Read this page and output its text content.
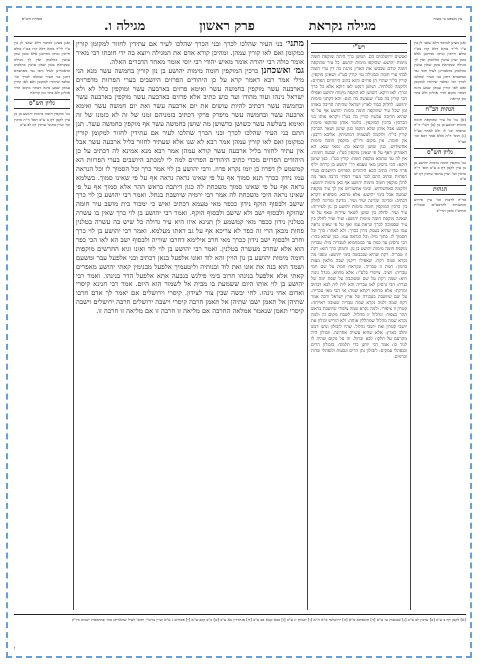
עין משפט נר מצוה
מגילה נקראת
פרק ראשון
מגילה ו.
מסורת הש"ס

ואנן מצינן למימר דלא שאני לן בין ט"ו לי"ד מהא דלא קרו בט"ו כולם חייבין ומיהו מדרבנן אלא בזמן שהן עושין כהלכתן ואין לך מגילה שנקראת בזמן שאין עושין כהלכתן כדאמרינן לעיל והכי נמי מסתברא דתנן בני העיר שהלכו לכרך וכו' ובלבד שיחזרו למקומן ואם לאו קורין עמהן שמע מינה דבתר מקום הדר אזלינן ולא בתר זמן קריאה

הגהות הב"ח

(א) גמ' כל עיר שהוקפה חומה מימות יהושע בן נון (ב) רש"י ד"ה ונחמיה וכו' לו ולא לאחר כצ"ל (ג) תוס' ד"ה אלא אמר רבא וכו' כצ"ל

גליון הש"ס

גמ' מוקפין חומה מימות יהושע בן נון עיין לקמן דף ב ע"ב תוס' ד"ה כרכין וכו' ועיין בתוס' ערכין דף לב ע"ב

הגהות

בד"ה לרבות וכו' עיין פירוש המשניות להרמב"ם ובשו"ת הרדב"ז סימן תרי"ב

רש"י

ואנשים ירושלמים הם. ושושן כרך היתה ומוקפת חומה מימות יהושע: שהוקפו מימות יהושע. כל עיר שהוקפה חומה קודם שכבשו את הארץ נוהגת בה דין ערי חומה לבתי ערי חומה ובמגילה נמי קורין בט"ו: ושאינן מוקפין. קורין בי"ד שהרי הן פרזים והוא כתוב היהודים הפרזים: ולוקמה למלתיה. ושושן דנקט לאו דוקא אלא כל כרך וכרך: לאו דוקא. דשושן לא הוקפה מימות יהושע ואפילו הכי קורין בה בט"ו שנעשה בה הנס: והא דקתני מימות יהושע. לחלוק כבוד לארץ ישראל שהיתה חריבה באותו זמן שכל עיר שהוקפה חומה בימות יהושע אף על פי שהיא חריבה עכשיו קורין בה בט"ו ויקראו אותו בני הכרכין: כרכין המוקפין. כלומר אותן שהוקפו מימות יהושע אבל אותן שלא הוקפו כגון שושן ושאר הכרכין קורין בי"ד: ולוקמה לטעמיה דמתניתין. אליבא דרבנן: אין חומה. אין מקום ודו"ק: מוקפין חומה מימות אחשורוש. כגון שושן וכיוצא בה: ומאי שנא. הא דאמרינן דאף על פי שאינן מוקפין בט"ו: שבעה חומות. אין לה עד שתהא מוקפת חומה: קורין בט"ו. כגון שושן דוקא: הכי גרסינן מאי טעמא דר' יהושע בן קרחה יליף פרזי פרזי: כתיב הכא היהודים הפרזים היושבים בערי הפרזות וכתיב התם לבד מערי הפרזי הרבה מאד מה להלן מוקפין חומה מימות יהושע אף כאן מימות יהושע: ולוקמה כאחשורוש. ובימי אחשורוש אין לך עיר מוקפת שמטה אבל בימי יהושע: אלא מהכא. מסיפרא דקרא דכתיב: ומדינה ומדינה ועיר ועיר. מדינה ומדינה לחלק בין כרכין המוקפין חומה מימות יהושע בן נון לעיירות: עיר ועיר. לחלק בין שושן לשאר עיירות שאף על פי שאינה מוקפת חומה מימות יהושע: ועיר ועיר לחלק בין עיר שסמוכה לכרך ונראה עמו ואף על פי שאינו נראה עמו כגון שהיא בעמק נידון ככרך. ולא לאחר: כרך וכל הסמוך לו. בתוך מיל: וכל הנראה עמו. כגון שהוא בהר: הכי גרסינן עד כמה עד כממחמיא לטבריה מיל: טבריה מוקפת חומה מימות יהושע בן נון. וחמתן כרך הוא: רקת זו טבריה. רקת שהיא שנכבשה בימי יהושע: ומפני מה נקרא שמה רקת. שאפילו ריקנין שבה מלאין מצות כרמון: חמת זו טבריה. ונקראת חמת על שם חמי טבריה: ויציב. צייפרי בלע"ז: אלא מחוזא. מגדל נינוה היא: שמה רקת על שם ששוכבת על שפת ימה של כנרת: הכי גרסינן לאו טבריה והא לית ליה לבא דכתיב ומרקת: אלא מחוזא רקתא שמה: אי הכי מאי טבריה. על שם שיושבת בטבורה של ארץ ישראל ורבה אמר רקת שמה ולמה נקרא שמה טבריה שטובה ראייתה: קטרון זו ציפורי. ולמה נקרא שמה ציפורי שיושבת בראש ההר כצפור: ונהלול זו מהלול. לשבח מקום זה ולמה נקרא שמה מהלול שמהללין אותה: ולא הוריש זבולון את יושבי קטרון ואת יושבי נהלול. שהיו לזבולון ונתנו דבש וחלב כארץ: אלא שהיא עשויה אחרונה. וזבולון היה מתרעם על חלקו: לבא ובחול. זה על מקום שהיה לו לגור בו: אמר רבי יוחנן כדי תלמוד: בזבולון הרים ובנפתלי עמקים: לזבולון נתן הרים וגבעות ולנפתלי שדות וכרמים.

מתני׳ בני העיר שהלכו לכרך ובני הכרך שהלכו לעיר אם עתידין לחזור למקומן קורין כמקומן ואם לאו קורין עמהן. ומהיכן קורא אדם את המגילה ויוצא בה ידי חובתו רבי מאיר אומר כולה רבי יהודה אומר מאיש יהודי רבי יוסי אומר מאחר הדברים האלה.

גמ׳ ואשכחנן כרכין המוקפין חומה מימות יהושע בן נון קורין בחמשה עשר מנא הני מילי אמר רבא דאמר קרא על כן היהודים הפרזים היושבים בערי הפרזות מדפרזים בארבעה עשר מוקפין בחמשה עשר ואימא פרזים בארבעה עשר ומוקפין כלל לא ולא ישראל נינהו ועוד מהודו ועד כוש כתיב אלא פרזים בארבעה עשר מוקפין בארבעה עשר ובחמשה עשר דכתיב להיות עושים את יום ארבעה עשר ואת יום חמשה עשר ואימא ארבעה עשר ובחמשה עשר מיפרק פרקי דכתיב בזמניהם זמנו של זה לא כזמנו של זה ואימא בשלשה עשר כשושן כדשושן מה שושן בחמשה עשר אף מוקפין בחמשה עשר. תנן התם בני העיר שהלכו לכרך ובני הכרך שהלכו לעיר אם עתידין לחזור למקומן קורין כמקומן ואם לאו קורין עמהן אמר רבא לא שנו אלא שעתיד לחזור בליל ארבעה עשר אבל אין עתיד לחזור בליל ארבעה עשר קורא עמהן אמר רבא מנא אמינא לה דכתיב על כן היהודים הפרזים מכדי כתיב היהודים הפרזים למה לי למכתב היושבים בערי הפרזות הא קמשמע לן דפרוז בן יומו נקרא פרוז. ורבי יהושע בן לוי אמר כרך וכל הסמוך לו וכל הנראה עמו נידון ככרך תנא סמוך אף על פי שאינו נראה נראה אף על פי שאינו סמוך. בשלמא נראה אף על פי שאינו סמוך משכחת לה כגון דיתבה בראש ההר אלא סמוך אף על פי שאינו נראה היכי משכחת לה אמר רבי ירמיה שיושבת בנחל. ואמר רבי יהושע בן לוי כרך שישב ולבסוף הוקף נידון ככפר מאי טעמא דכתיב ואיש כי ימכור בית מושב עיר חומה שהוקף ולבסוף ישב ולא שישב ולבסוף הוקף. ואמר רבי יהושע בן לוי כרך שאין בו עשרה בטלנין נידון ככפר מאי קמשמע לן תנינא איזו היא עיר גדולה כל שיש בה עשרה בטלנין פחות מכאן הרי זה כפר לא צריכא אף על גב דאתו מעלמא. ואמר רבי יהושע בן לוי כרך וחרב ולבסוף ישב נידון ככרך מאי חרב אילימא דחרבו שוריה ולבסוף ישב הא לאו הכי כפר הוא אלא שחרב מעשרה בטלנין. ואמר רבי יהושע בן לוי לוד ואונו וגיא החרשים מוקפות חומה מימות יהושע בן נון הויין והא לוד ואונו אלפעל בנאן דכתיב ובני אלפעל עבר ומשעם ושמד הוא בנה את אונו ואת לוד ובנותיה וליטעמיך אלפעל מבנימין קאתי יהושע מאפרים קאתי אלא אלפעל בנינהו חרוב בימי פילגש בגבעה אתא אלפעל הדר בנינהו. ואמר רבי יהושע בן לוי אותו היום ששמעת בו מבית אל לשמור הוא היום. אמר רבי חנינא קיסרי ואדום אחי נינהו. לחי יבשה שבין צור לצידון. קיסרי וירושלים אם יאמר לך אדם חרבו שתיהן אל תאמן ישבו שתיהן אל תאמן חרבה קיסרי וישבה ירושלים חרבה ירושלים וישבה קיסרי תאמן שנאמר אמלאה החרבה אם מליאה זו חרבה זו אם מליאה זו חרבה זו.

ואנן מצינן למימר דלא שאני לן בין ט"ו לי"ד מהא דלא קרו בט"ו כולם חייבין ומיהו מדרבנן אלא בזמן שהן עושין כהלכתן ואין לך מגילה שנקראת בזמן שאין עושין כהלכתן כדאמרינן לעיל והכי נמי מסתברא דתנן בני העיר שהלכו לכרך וכו' ובלבד שיחזרו למקומן ואם לאו קורין עמהן שמע מינה דבתר מקום הדר אזלינן ולא בתר זמן קריאה

גליון הש"ס

גמ' מוקפין חומה מימות יהושע בן נון עיין לקמן דף ב ע"ב תוס' ד"ה כרכין וכו' ועיין בתוס' ערכין דף לב ע"ב

[א] לקמן דף ב ע"ב [ב] ערכין לב ע"ב [ג] שבועות טז ע"א [ד] תוספתא פ"א [ה] ירושלמי פ"א ה"א [ו] יבמות יג ע"ב [ז] בבא קמא פב ע"ב [ח] סנהדרין כא ע"ב [ט] ב"ב קכב ע"א [י] פסחים ג ע"א ועיין ברש"י ותוס' לעיל שהאריכו בזה ובתוספות ישנים ודו"ק
ו
